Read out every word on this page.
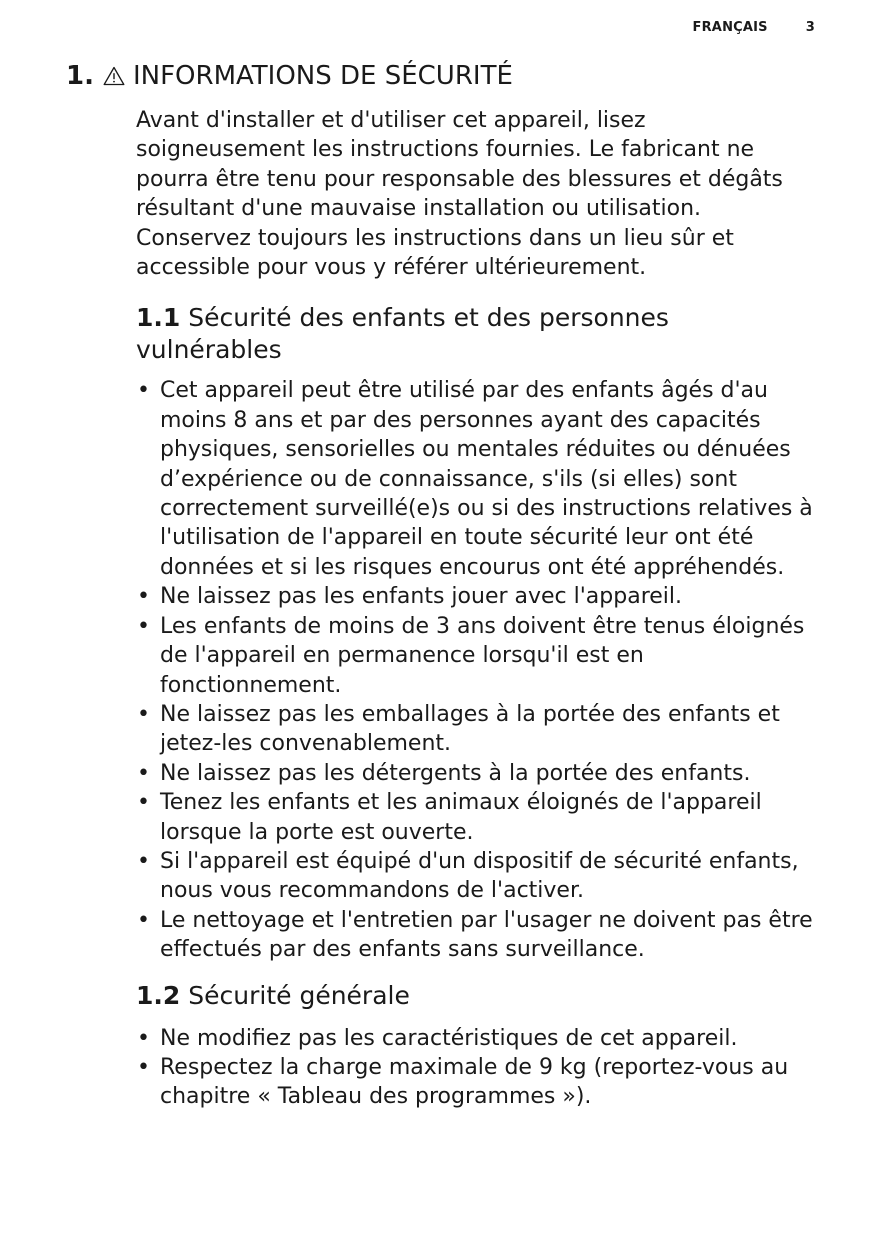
FRANÇAIS	3
1. INFORMATIONS DE SÉCURITÉ

Avant d'installer et d'utiliser cet appareil, lisez soigneusement les instructions fournies. Le fabricant ne pourra être tenu pour responsable des blessures et dégâts résultant d'une mauvaise installation ou utilisation. Conservez toujours les instructions dans un lieu sûr et accessible pour vous y référer ultérieurement.

1.1 Sécurité des enfants et des personnes vulnérables
• Cet appareil peut être utilisé par des enfants âgés d'au moins 8 ans et par des personnes ayant des capacités physiques, sensorielles ou mentales réduites ou dénuées d’expérience ou de connaissance, s'ils (si elles) sont correctement surveillé(e)s ou si des instructions relatives à l'utilisation de l'appareil en toute sécurité leur ont été données et si les risques encourus ont été appréhendés.
• Ne laissez pas les enfants jouer avec l'appareil.
• Les enfants de moins de 3 ans doivent être tenus éloignés de l'appareil en permanence lorsqu'il est en fonctionnement.
• Ne laissez pas les emballages à la portée des enfants et jetez-les convenablement.
• Ne laissez pas les détergents à la portée des enfants.
• Tenez les enfants et les animaux éloignés de l'appareil lorsque la porte est ouverte.
• Si l'appareil est équipé d'un dispositif de sécurité enfants, nous vous recommandons de l'activer.
• Le nettoyage et l'entretien par l'usager ne doivent pas être effectués par des enfants sans surveillance.
1.2 Sécurité générale
• Ne modifiez pas les caractéristiques de cet appareil.
• Respectez la charge maximale de 9 kg (reportez-vous au chapitre « Tableau des programmes »).
